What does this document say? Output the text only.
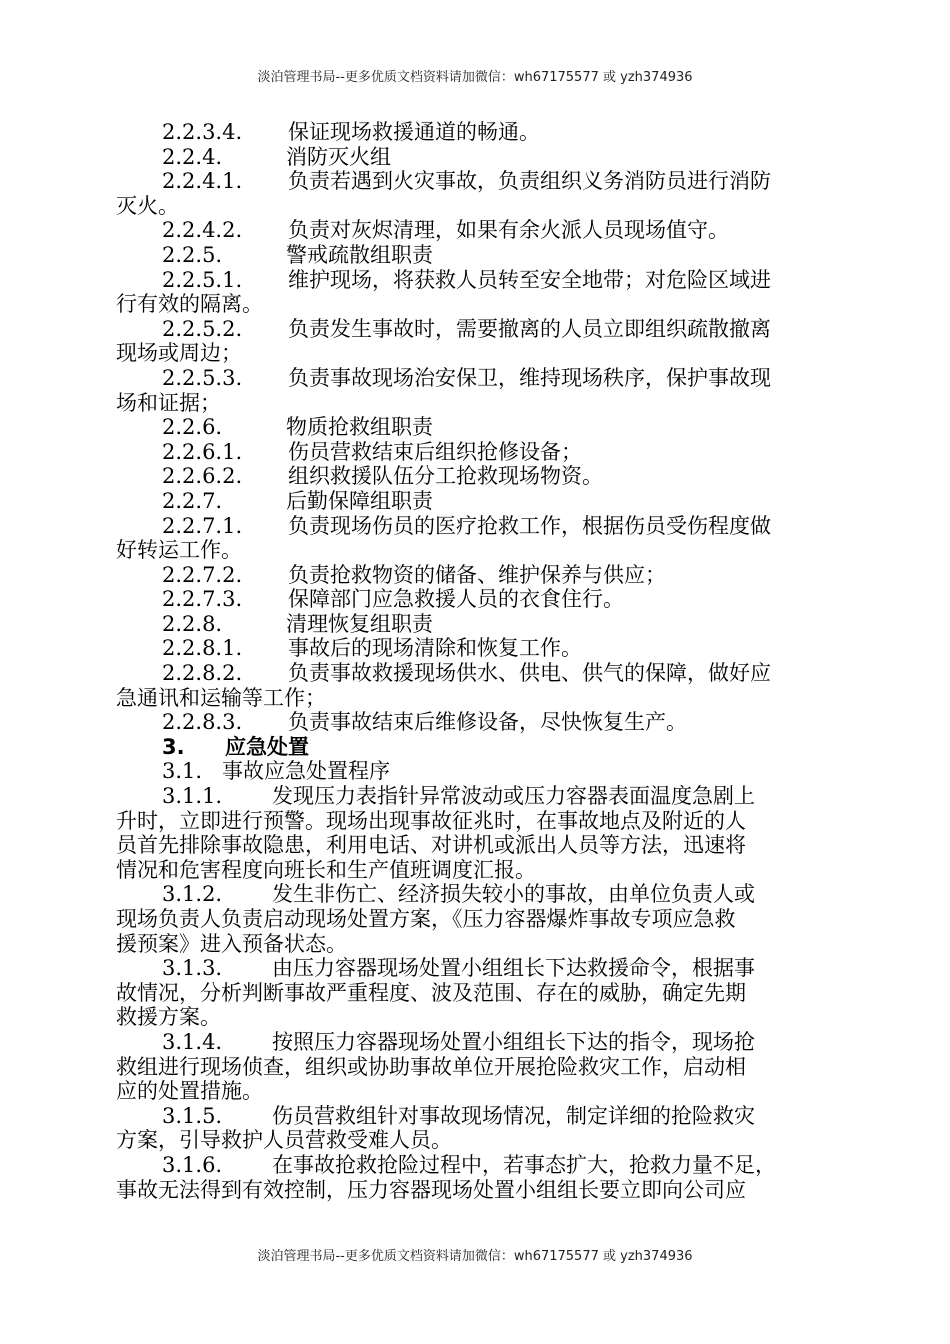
淡泊管理书局--更多优质文档资料请加微信：wh67175577 或 yzh374936
2.2.3.4. 保证现场救援通道的畅通。
2.2.4.	消防灭火组
2.2.4.1. 负责若遇到火灾事故，负责组织义务消防员进行消防
灭火。
2.2.4.2. 负责对灰烬清理，如果有余火派人员现场值守。
2.2.5.	警戒疏散组职责
2.2.5.1. 维护现场，将获救人员转至安全地带；对危险区域进
行有效的隔离。
2.2.5.2. 负责发生事故时，需要撤离的人员立即组织疏散撤离
现场或周边；
2.2.5.3. 负责事故现场治安保卫，维持现场秩序，保护事故现
场和证据；
2.2.6.	物质抢救组职责
2.2.6.1. 伤员营救结束后组织抢修设备；
2.2.6.2. 组织救援队伍分工抢救现场物资。
2.2.7.	后勤保障组职责
2.2.7.1. 负责现场伤员的医疗抢救工作，根据伤员受伤程度做
好转运工作。
2.2.7.2. 负责抢救物资的储备、维护保养与供应；
2.2.7.3. 保障部门应急救援人员的衣食住行。
2.2.8.	清理恢复组职责
2.2.8.1. 事故后的现场清除和恢复工作。
2.2.8.2. 负责事故救援现场供水、供电、供气的保障，做好应
急通讯和运输等工作；
2.2.8.3. 负责事故结束后维修设备，尽快恢复生产。
3. 应急处置
3.1. 事故应急处置程序
3.1.1. 发现压力表指针异常波动或压力容器表面温度急剧上
升时，立即进行预警。现场出现事故征兆时，在事故地点及附近的人
员首先排除事故隐患，利用电话、对讲机或派出人员等方法，迅速将
情况和危害程度向班长和生产值班调度汇报。
3.1.2. 发生非伤亡、经济损失较小的事故，由单位负责人或
现场负责人负责启动现场处置方案，《压力容器爆炸事故专项应急救
援预案》进入预备状态。
3.1.3. 由压力容器现场处置小组组长下达救援命令，根据事
故情况，分析判断事故严重程度、波及范围、存在的威胁，确定先期
救援方案。
3.1.4. 按照压力容器现场处置小组组长下达的指令，现场抢
救组进行现场侦查，组织或协助事故单位开展抢险救灾工作，启动相
应的处置措施。
3.1.5. 伤员营救组针对事故现场情况，制定详细的抢险救灾
方案，引导救护人员营救受难人员。
3.1.6. 在事故抢救抢险过程中，若事态扩大，抢救力量不足，
事故无法得到有效控制，压力容器现场处置小组组长要立即向公司应
淡泊管理书局--更多优质文档资料请加微信：wh67175577 或 yzh374936
